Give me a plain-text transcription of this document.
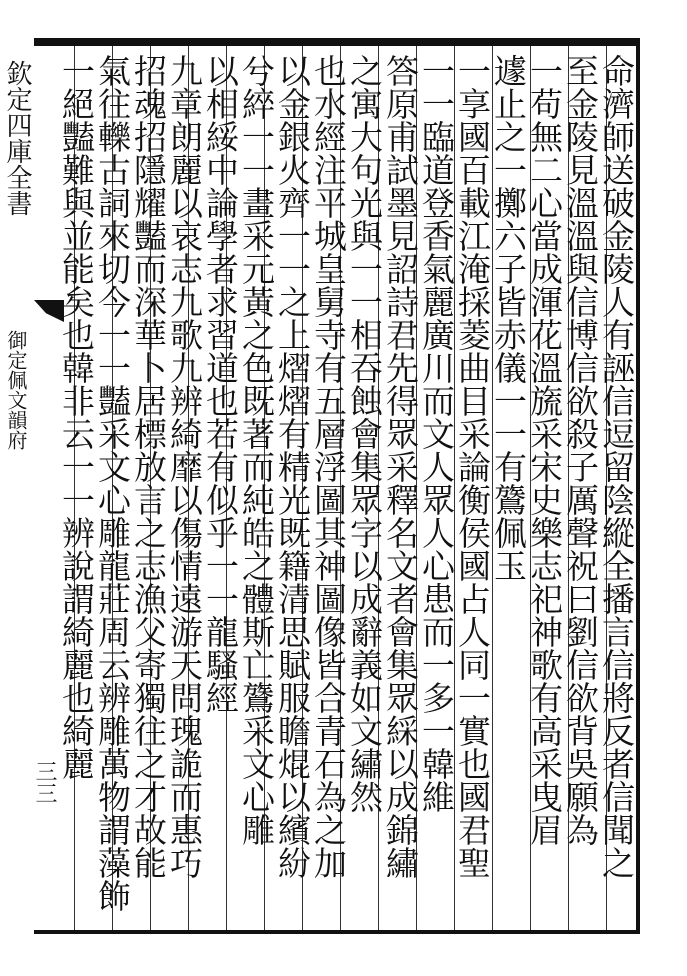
欽定四庫全書
御定佩文韻府
三三	命濟師送破金陵人有誣信逗留陰縱全播言信將反者信聞之
至金陵見溫溫與信博信欲殺子厲聲祝曰劉信欲背吳願為
一苟無二心當成渾花溫旒采宋史樂志祀神歌有高采曳眉
遽止之一擲六子皆赤儀一一有鷟佩玉
一享國百載江淹採菱曲目采論衡侯國占人同一實也國君聖
一一臨道登香氣麗廣川而文人眾人心患而一多一韓維
答原甫試墨見詔詩君先得眾采釋名文者會集眾綵以成錦繡
之寓大句光與一一相吞蝕會集眾字以成辭義如文繡然
也水經注平城皇舅寺有五層浮圖其神圖像皆合青石為之加
以金銀火齊一一之上熠熠有精光既籍清思賦服瞻焜以繽紛
兮綷一一畫采元黃之色既著而純皓之體斯亡鷟采文心雕
以相綏中論學者求習道也若有似乎一一龍騷經
九章朗麗以哀志九歌九辨綺靡以傷情遠游天問瑰詭而惠巧
招魂招隱耀豔而深華卜居標放言之志漁父寄獨往之才故能
氣往轢古詞來切今一一豔采文心雕龍莊周云辨雕萬物謂藻飾
一絕豔難與並能矣也韓非云一一辨說謂綺麗也綺麗
